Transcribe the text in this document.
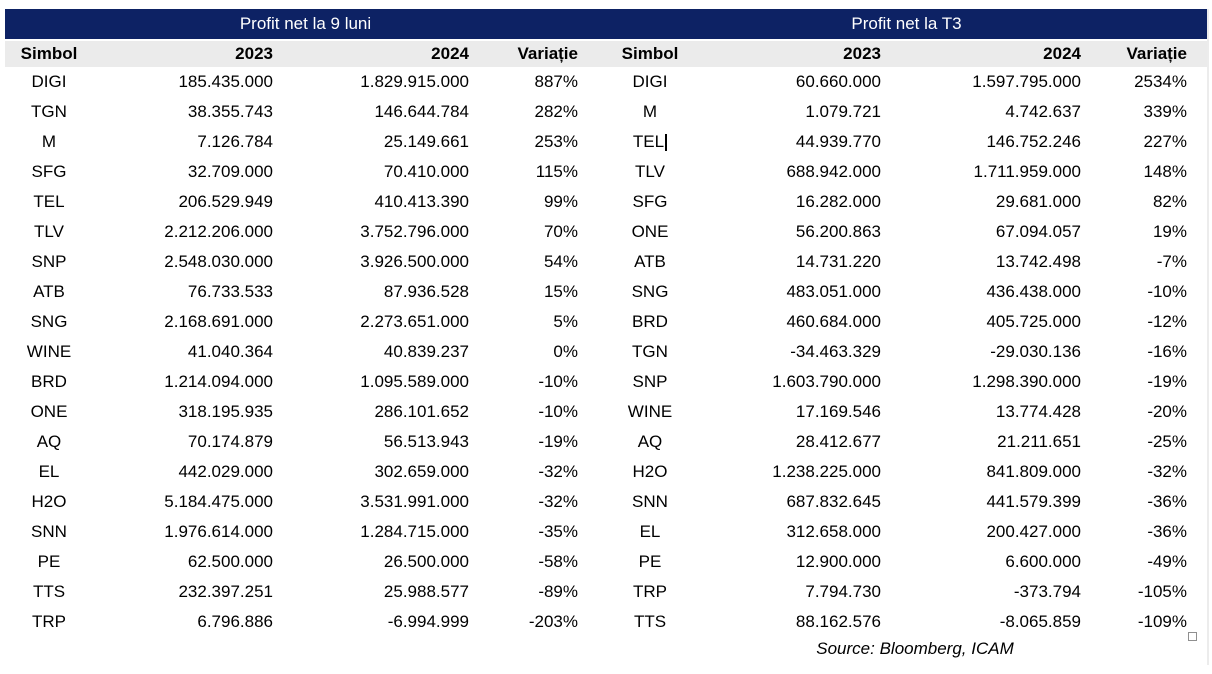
Profit net la 9 luni	Profit net la T3
Simbol	2023	2024	Variație	Simbol	2023	2024	Variație
DIGI	185.435.000	1.829.915.000	887%	DIGI	60.660.000	1.597.795.000	2534%
TGN	38.355.743	146.644.784	282%	M	1.079.721	4.742.637	339%
M	7.126.784	25.149.661	253%	TEL	44.939.770	146.752.246	227%
SFG	32.709.000	70.410.000	115%	TLV	688.942.000	1.711.959.000	148%
TEL	206.529.949	410.413.390	99%	SFG	16.282.000	29.681.000	82%
TLV	2.212.206.000	3.752.796.000	70%	ONE	56.200.863	67.094.057	19%
SNP	2.548.030.000	3.926.500.000	54%	ATB	14.731.220	13.742.498	-7%
ATB	76.733.533	87.936.528	15%	SNG	483.051.000	436.438.000	-10%
SNG	2.168.691.000	2.273.651.000	5%	BRD	460.684.000	405.725.000	-12%
WINE	41.040.364	40.839.237	0%	TGN	-34.463.329	-29.030.136	-16%
BRD	1.214.094.000	1.095.589.000	-10%	SNP	1.603.790.000	1.298.390.000	-19%
ONE	318.195.935	286.101.652	-10%	WINE	17.169.546	13.774.428	-20%
AQ	70.174.879	56.513.943	-19%	AQ	28.412.677	21.211.651	-25%
EL	442.029.000	302.659.000	-32%	H2O	1.238.225.000	841.809.000	-32%
H2O	5.184.475.000	3.531.991.000	-32%	SNN	687.832.645	441.579.399	-36%
SNN	1.976.614.000	1.284.715.000	-35%	EL	312.658.000	200.427.000	-36%
PE	62.500.000	26.500.000	-58%	PE	12.900.000	6.600.000	-49%
TTS	232.397.251	25.988.577	-89%	TRP	7.794.730	-373.794	-105%
TRP	6.796.886	-6.994.999	-203%	TTS	88.162.576	-8.065.859	-109%
Source: Bloomberg, ICAM
